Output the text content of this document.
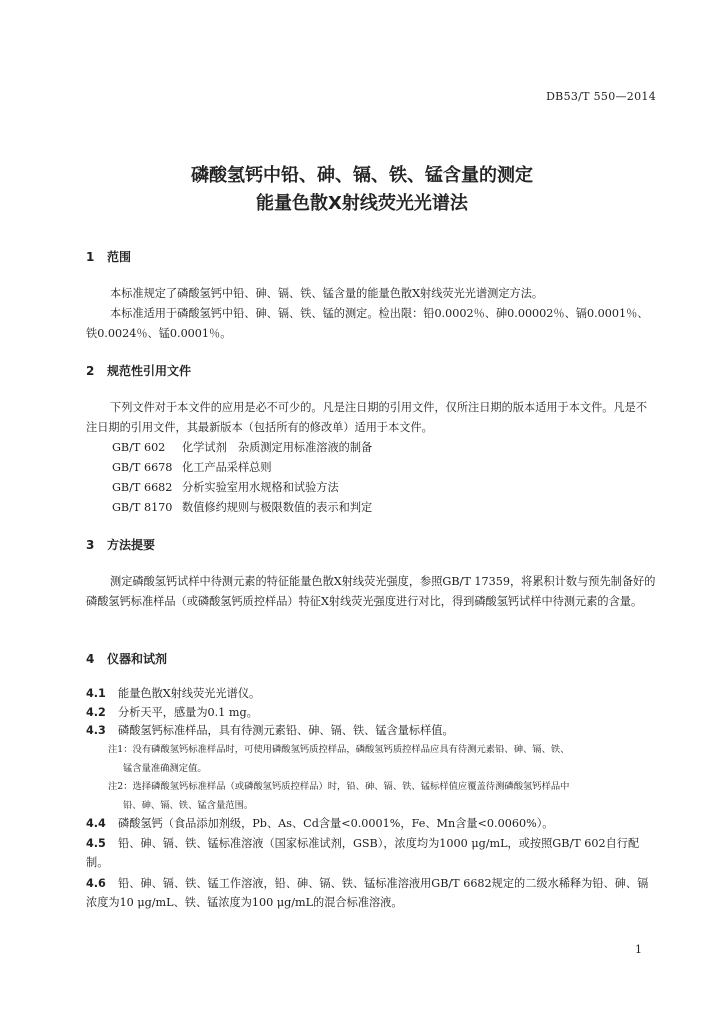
DB53/T 550—2014
磷酸氢钙中铅、砷、镉、铁、锰含量的测定
能量色散X射线荧光光谱法
1 范围
本标准规定了磷酸氢钙中铅、砷、镉、铁、锰含量的能量色散X射线荧光光谱测定方法。
本标准适用于磷酸氢钙中铅、砷、镉、铁、锰的测定。检出限：铅0.0002％、砷0.00002％、镉0.0001％、铁0.0024％、锰0.0001％。
2 规范性引用文件
下列文件对于本文件的应用是必不可少的。凡是注日期的引用文件，仅所注日期的版本适用于本文件。凡是不注日期的引用文件，其最新版本（包括所有的修改单）适用于本文件。
GB/T 602 化学试剂　杂质测定用标准溶液的制备
GB/T 6678 化工产品采样总则
GB/T 6682 分析实验室用水规格和试验方法
GB/T 8170 数值修约规则与极限数值的表示和判定
3 方法提要
测定磷酸氢钙试样中待测元素的特征能量色散X射线荧光强度，参照GB/T 17359，将累积计数与预先制备好的磷酸氢钙标准样品（或磷酸氢钙质控样品）特征X射线荧光强度进行对比，得到磷酸氢钙试样中待测元素的含量。
4 仪器和试剂
4.1 能量色散X射线荧光光谱仪。
4.2 分析天平，感量为0.1 mg。
4.3 磷酸氢钙标准样品，具有待测元素铅、砷、镉、铁、锰含量标样值。
注1：没有磷酸氢钙标准样品时，可使用磷酸氢钙质控样品，磷酸氢钙质控样品应具有待测元素铅、砷、镉、铁、
锰含量准确测定值。
注2：选择磷酸氢钙标准样品（或磷酸氢钙质控样品）时，铅、砷、镉、铁、锰标样值应覆盖待测磷酸氢钙样品中
铅、砷、镉、铁、锰含量范围。
4.4 磷酸氢钙（食品添加剂级，Pb、As、Cd含量<0.0001%，Fe、Mn含量<0.0060%）。
4.5 铅、砷、镉、铁、锰标准溶液（国家标准试剂，GSB），浓度均为1000 μg/mL，或按照GB/T 602自行配制。
4.6 铅、砷、镉、铁、锰工作溶液，铅、砷、镉、铁、锰标准溶液用GB/T 6682规定的二级水稀释为铅、砷、镉浓度为10 μg/mL、铁、锰浓度为100 μg/mL的混合标准溶液。
1
